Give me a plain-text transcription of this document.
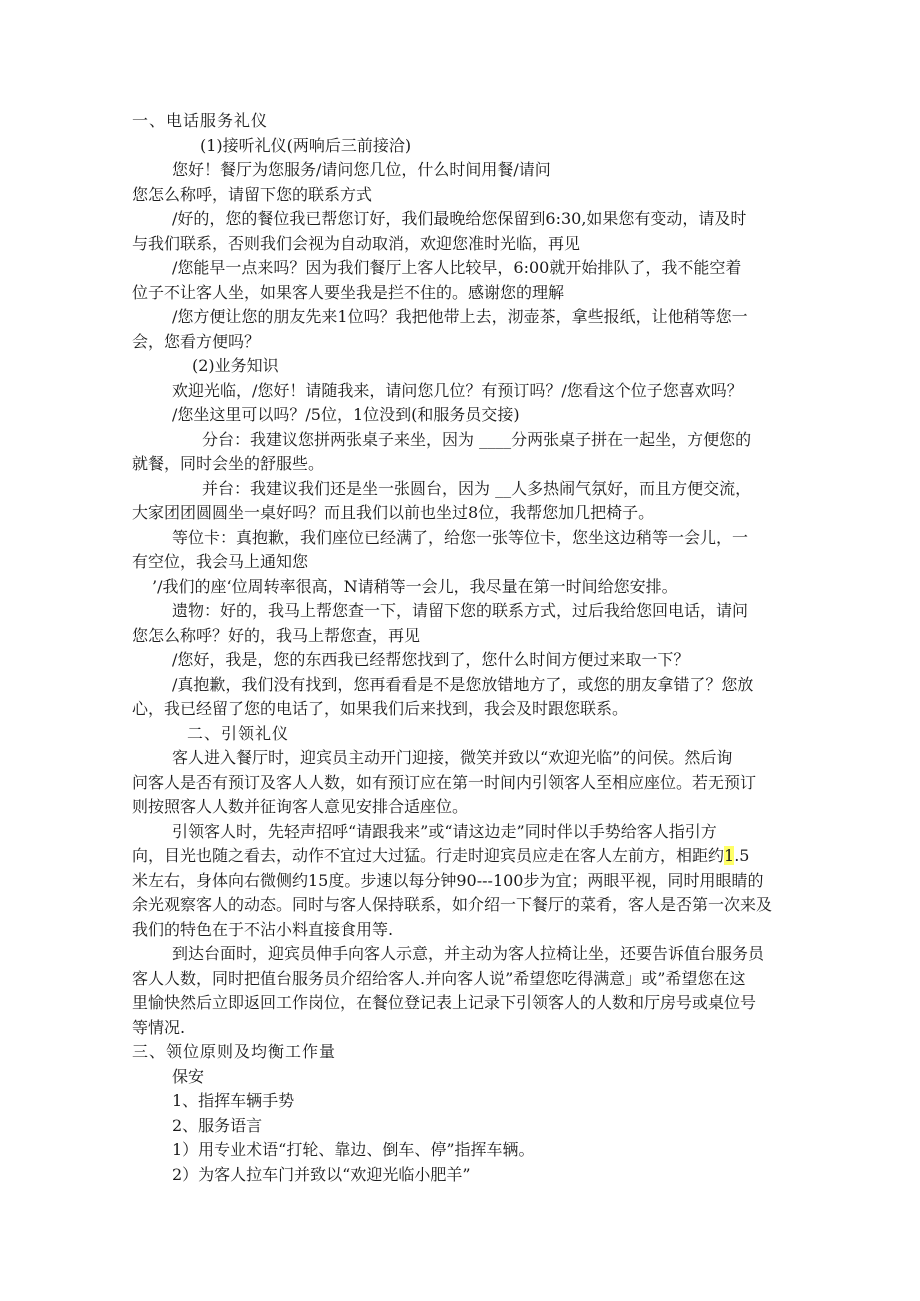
一、电话服务礼仪
(1)接听礼仪(两响后三前接洽)
您好！餐厅为您服务/请问您几位，什么时间用餐/请问
您怎么称呼，请留下您的联系方式
/好的，您的餐位我已帮您订好，我们最晚给您保留到6:30,如果您有变动，请及时
与我们联系，否则我们会视为自动取消，欢迎您准时光临，再见
/您能早一点来吗？因为我们餐厅上客人比较早，6:00就开始排队了，我不能空着
位子不让客人坐，如果客人要坐我是拦不住的。感谢您的理解
/您方便让您的朋友先来1位吗？我把他带上去，沏壶茶，拿些报纸，让他稍等您一
会，您看方便吗？
(2)业务知识
欢迎光临，/您好！请随我来，请问您几位？有预订吗？/您看这个位子您喜欢吗？
/您坐这里可以吗？/5位，1位没到(和服务员交接)
分台：我建议您拼两张桌子来坐，因为 ____分两张桌子拼在一起坐，方便您的
就餐，同时会坐的舒服些。
并台：我建议我们还是坐一张圆台，因为 __人多热闹气氛好，而且方便交流，
大家团团圆圆坐一桌好吗？而且我们以前也坐过8位，我帮您加几把椅子。
等位卡：真抱歉，我们座位已经满了，给您一张等位卡，您坐这边稍等一会儿，一
有空位，我会马上通知您
’/我们的座‘位周转率很高，N请稍等一会儿，我尽量在第一时间给您安排。
遗物：好的，我马上帮您查一下，请留下您的联系方式，过后我给您回电话，请问
您怎么称呼？好的，我马上帮您查，再见
/您好，我是，您的东西我已经帮您找到了，您什么时间方便过来取一下？
/真抱歉，我们没有找到，您再看看是不是您放错地方了，或您的朋友拿错了？您放
心，我已经留了您的电话了，如果我们后来找到，我会及时跟您联系。
二、引领礼仪
客人进入餐厅时，迎宾员主动开门迎接，微笑并致以“欢迎光临”的问侯。然后询
问客人是否有预订及客人人数，如有预订应在第一时间内引领客人至相应座位。若无预订
则按照客人人数并征询客人意见安排合适座位。
引领客人时，先轻声招呼“请跟我来”或“请这边走”同时伴以手势给客人指引方
向，目光也随之看去，动作不宜过大过猛。行走时迎宾员应走在客人左前方，相距约1.5
米左右，身体向右微侧约15度。步速以每分钟90---100步为宜；两眼平视，同时用眼睛的
余光观察客人的动态。同时与客人保持联系，如介绍一下餐厅的菜肴，客人是否第一次来及
我们的特色在于不沾小料直接食用等.
到达台面时，迎宾员伸手向客人示意，并主动为客人拉椅让坐，还要告诉值台服务员
客人人数，同时把值台服务员介绍给客人.并向客人说”希望您吃得满意」或”希望您在这
里愉快然后立即返回工作岗位，在餐位登记表上记录下引领客人的人数和厅房号或桌位号
等情况.
三、领位原则及均衡工作量
保安
1、指挥车辆手势
2、服务语言
1）用专业术语“打轮、靠边、倒车、停”指挥车辆。
2）为客人拉车门并致以“欢迎光临小肥羊”
